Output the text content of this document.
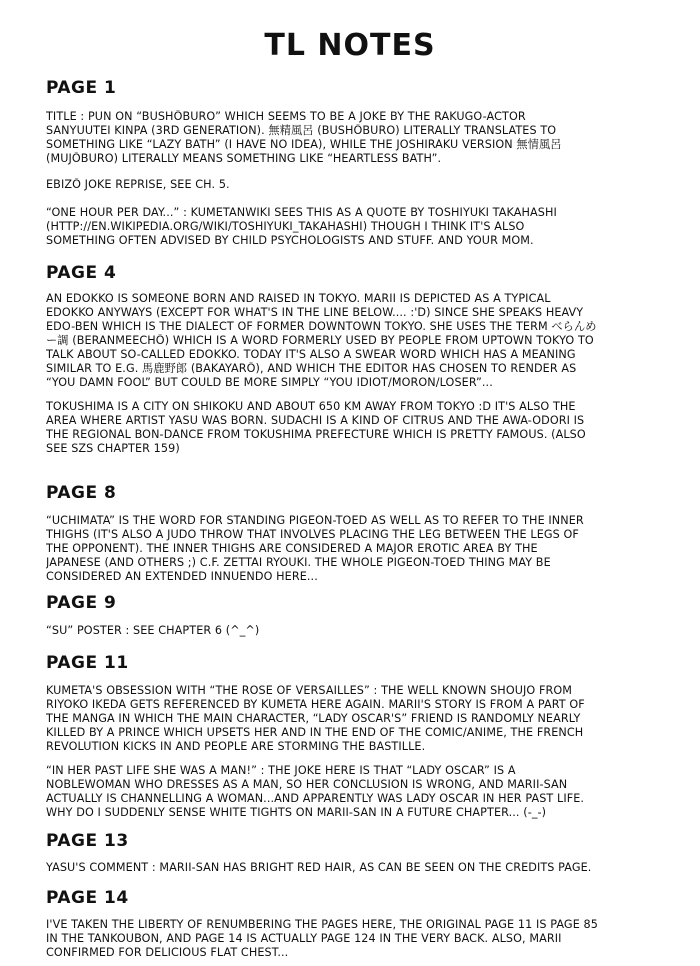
TL NOTES
PAGE 1
TITLE : PUN ON “BUSHŌBURO” WHICH SEEMS TO BE A JOKE BY THE RAKUGO-ACTOR
SANYUUTEI KINPA (3RD GENERATION). 無精風呂 (BUSHŌBURO) LITERALLY TRANSLATES TO
SOMETHING LIKE “LAZY BATH” (I HAVE NO IDEA), WHILE THE JOSHIRAKU VERSION 無情風呂
(MUJŌBURO) LITERALLY MEANS SOMETHING LIKE “HEARTLESS BATH”.
EBIZŌ JOKE REPRISE, SEE CH. 5.
“ONE HOUR PER DAY...” : KUMETANWIKI SEES THIS AS A QUOTE BY TOSHIYUKI TAKAHASHI
(HTTP://EN.WIKIPEDIA.ORG/WIKI/TOSHIYUKI_TAKAHASHI) THOUGH I THINK IT'S ALSO
SOMETHING OFTEN ADVISED BY CHILD PSYCHOLOGISTS AND STUFF. AND YOUR MOM.
PAGE 4
AN EDOKKO IS SOMEONE BORN AND RAISED IN TOKYO. MARII IS DEPICTED AS A TYPICAL
EDOKKO ANYWAYS (EXCEPT FOR WHAT'S IN THE LINE BELOW.... :'D) SINCE SHE SPEAKS HEAVY
EDO-BEN WHICH IS THE DIALECT OF FORMER DOWNTOWN TOKYO. SHE USES THE TERM べらんめ
ー調 (BERANMEECHŌ) WHICH IS A WORD FORMERLY USED BY PEOPLE FROM UPTOWN TOKYO TO
TALK ABOUT SO-CALLED EDOKKO. TODAY IT'S ALSO A SWEAR WORD WHICH HAS A MEANING
SIMILAR TO E.G. 馬鹿野郎 (BAKAYARŌ), AND WHICH THE EDITOR HAS CHOSEN TO RENDER AS
“YOU DAMN FOOL” BUT COULD BE MORE SIMPLY “YOU IDIOT/MORON/LOSER”...
TOKUSHIMA IS A CITY ON SHIKOKU AND ABOUT 650 KM AWAY FROM TOKYO :D IT'S ALSO THE
AREA WHERE ARTIST YASU WAS BORN. SUDACHI IS A KIND OF CITRUS AND THE AWA-ODORI IS
THE REGIONAL BON-DANCE FROM TOKUSHIMA PREFECTURE WHICH IS PRETTY FAMOUS. (ALSO
SEE SZS CHAPTER 159)
PAGE 8
“UCHIMATA” IS THE WORD FOR STANDING PIGEON-TOED AS WELL AS TO REFER TO THE INNER
THIGHS (IT'S ALSO A JUDO THROW THAT INVOLVES PLACING THE LEG BETWEEN THE LEGS OF
THE OPPONENT). THE INNER THIGHS ARE CONSIDERED A MAJOR EROTIC AREA BY THE
JAPANESE (AND OTHERS ;) C.F. ZETTAI RYOUKI. THE WHOLE PIGEON-TOED THING MAY BE
CONSIDERED AN EXTENDED INNUENDO HERE...
PAGE 9
“SU” POSTER : SEE CHAPTER 6 (^_^)
PAGE 11
KUMETA'S OBSESSION WITH “THE ROSE OF VERSAILLES” : THE WELL KNOWN SHOUJO FROM
RIYOKO IKEDA GETS REFERENCED BY KUMETA HERE AGAIN. MARII'S STORY IS FROM A PART OF
THE MANGA IN WHICH THE MAIN CHARACTER, “LADY OSCAR'S” FRIEND IS RANDOMLY NEARLY
KILLED BY A PRINCE WHICH UPSETS HER AND IN THE END OF THE COMIC/ANIME, THE FRENCH
REVOLUTION KICKS IN AND PEOPLE ARE STORMING THE BASTILLE.
“IN HER PAST LIFE SHE WAS A MAN!” : THE JOKE HERE IS THAT “LADY OSCAR” IS A
NOBLEWOMAN WHO DRESSES AS A MAN, SO HER CONCLUSION IS WRONG, AND MARII-SAN
ACTUALLY IS CHANNELLING A WOMAN...AND APPARENTLY WAS LADY OSCAR IN HER PAST LIFE.
WHY DO I SUDDENLY SENSE WHITE TIGHTS ON MARII-SAN IN A FUTURE CHAPTER... (-_-)
PAGE 13
YASU'S COMMENT : MARII-SAN HAS BRIGHT RED HAIR, AS CAN BE SEEN ON THE CREDITS PAGE.
PAGE 14
I'VE TAKEN THE LIBERTY OF RENUMBERING THE PAGES HERE, THE ORIGINAL PAGE 11 IS PAGE 85
IN THE TANKOUBON, AND PAGE 14 IS ACTUALLY PAGE 124 IN THE VERY BACK. ALSO, MARII
CONFIRMED FOR DELICIOUS FLAT CHEST...
